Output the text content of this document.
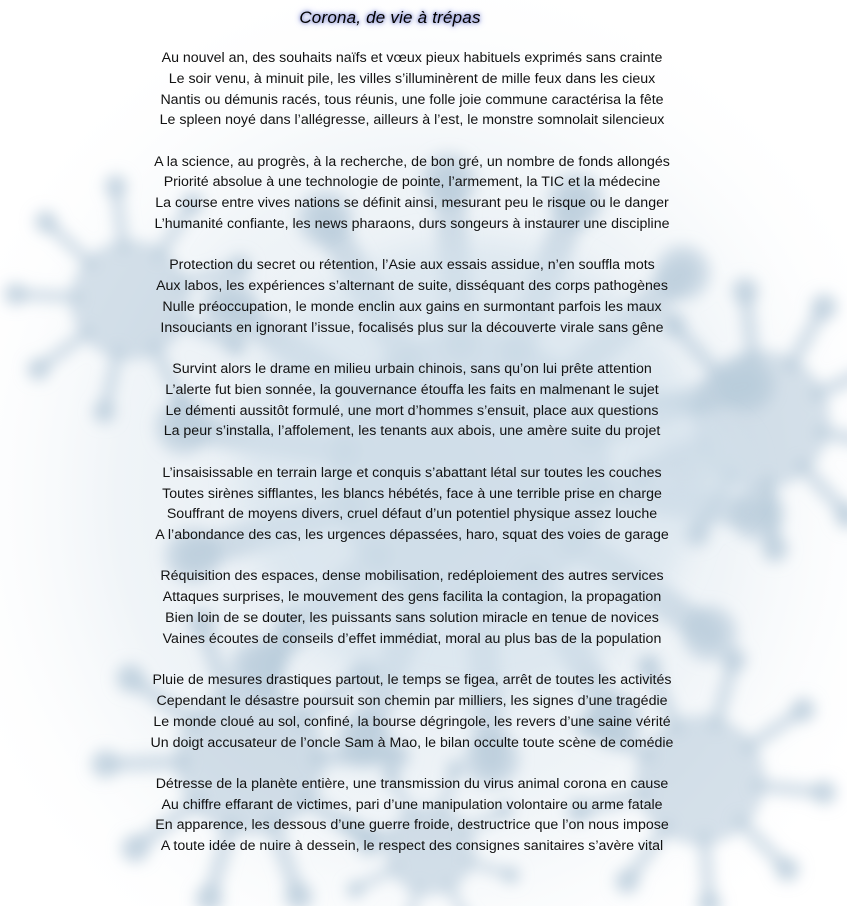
Corona, de vie à trépas
Au nouvel an, des souhaits naïfs et vœux pieux habituels exprimés sans crainte
Le soir venu, à minuit pile, les villes s’illuminèrent de mille feux dans les cieux
Nantis ou démunis racés, tous réunis, une folle joie commune caractérisa la fête
Le spleen noyé dans l’allégresse, ailleurs à l’est, le monstre somnolait silencieux
A la science, au progrès, à la recherche, de bon gré, un nombre de fonds allongés
Priorité absolue à une technologie de pointe, l’armement, la TIC et la médecine
La course entre vives nations se définit ainsi, mesurant peu le risque ou le danger
L’humanité confiante, les news pharaons, durs songeurs à instaurer une discipline
Protection du secret ou rétention, l’Asie aux essais assidue, n’en souffla mots
Aux labos, les expériences s’alternant de suite, disséquant des corps pathogènes
Nulle préoccupation, le monde enclin aux gains en surmontant parfois les maux
Insouciants en ignorant l’issue, focalisés plus sur la découverte virale sans gêne
Survint alors le drame en milieu urbain chinois, sans qu’on lui prête attention
L’alerte fut bien sonnée, la gouvernance étouffa les faits en malmenant le sujet
Le démenti aussitôt formulé, une mort d’hommes s’ensuit, place aux questions
La peur s’installa, l’affolement, les tenants aux abois, une amère suite du projet
L’insaisissable en terrain large et conquis s’abattant létal sur toutes les couches
Toutes sirènes sifflantes, les blancs hébétés, face à une terrible prise en charge
Souffrant de moyens divers, cruel défaut d’un potentiel physique assez louche
A l’abondance des cas, les urgences dépassées, haro, squat des voies de garage
Réquisition des espaces, dense mobilisation, redéploiement des autres services
Attaques surprises, le mouvement des gens facilita la contagion, la propagation
Bien loin de se douter, les puissants sans solution miracle en tenue de novices
Vaines écoutes de conseils d’effet immédiat, moral au plus bas de la population
Pluie de mesures drastiques partout, le temps se figea, arrêt de toutes les activités
Cependant le désastre poursuit son chemin par milliers, les signes d’une tragédie
Le monde cloué au sol, confiné, la bourse dégringole, les revers d’une saine vérité
Un doigt accusateur de l’oncle Sam à Mao, le bilan occulte toute scène de comédie
Détresse de la planète entière, une transmission du virus animal corona en cause
Au chiffre effarant de victimes, pari d’une manipulation volontaire ou arme fatale
En apparence, les dessous d’une guerre froide, destructrice que l’on nous impose
A toute idée de nuire à dessein, le respect des consignes sanitaires s’avère vital
